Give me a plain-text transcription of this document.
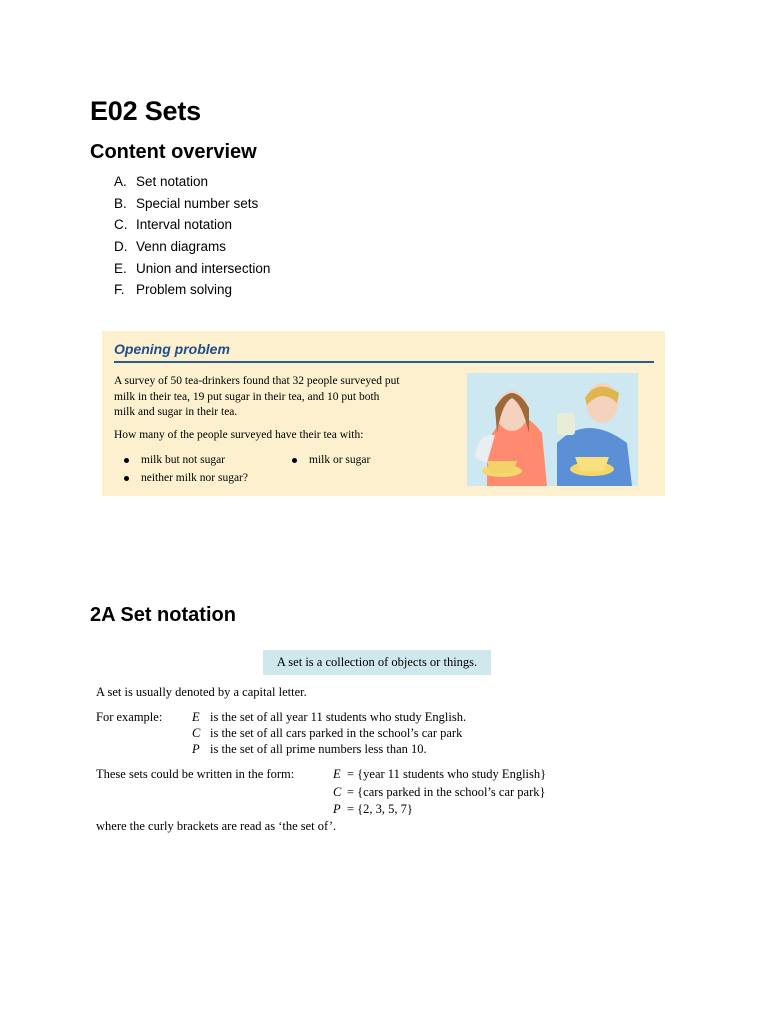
E02 Sets
Content overview
A. Set notation
B. Special number sets
C. Interval notation
D. Venn diagrams
E. Union and intersection
F. Problem solving
Opening problem
A survey of 50 tea-drinkers found that 32 people surveyed put
milk in their tea, 19 put sugar in their tea, and 10 put both
milk and sugar in their tea.
How many of the people surveyed have their tea with:
milk but not sugar
neither milk nor sugar?
milk or sugar
2A Set notation
A set is a collection of objects or things.
A set is usually denoted by a capital letter.
For example: E is the set of all year 11 students who study English.
C is the set of all cars parked in the school’s car park
P is the set of all prime numbers less than 10.
These sets could be written in the form:	E = {year 11 students who study English}
C = {cars parked in the school’s car park}
P = {2, 3, 5, 7}
where the curly brackets are read as ‘the set of’.
